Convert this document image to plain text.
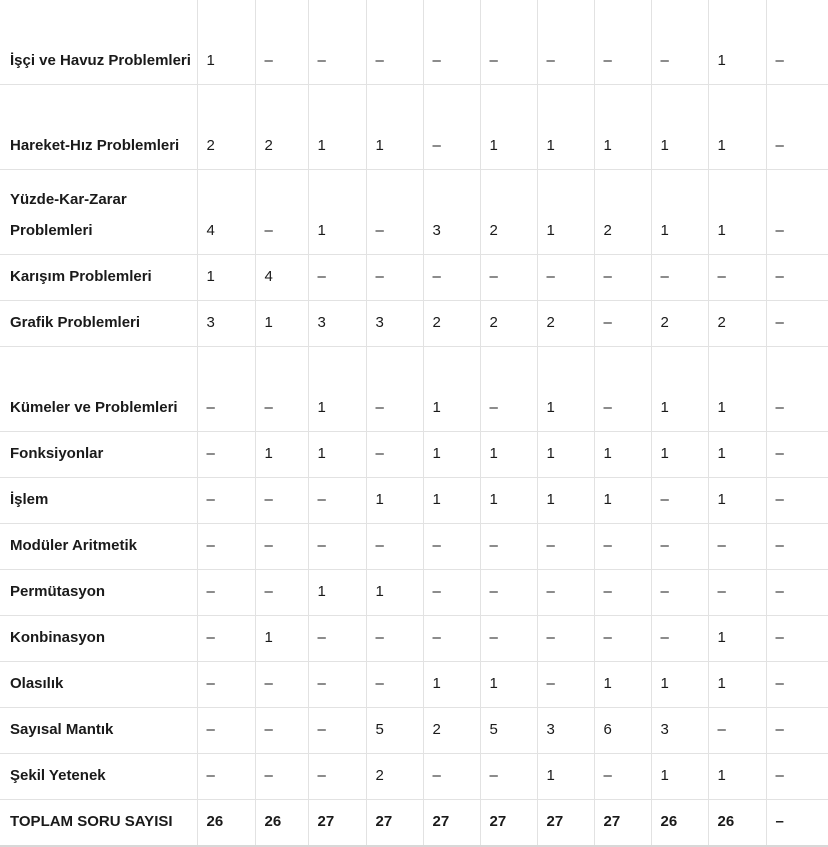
İşçi ve Havuz Problemleri	1	–	–	–	–	–	–	–	–	1	–
Hareket-Hız Problemleri	2	2	1	1	–	1	1	1	1	1	–
Yüzde-Kar-Zarar Problemleri	4	–	1	–	3	2	1	2	1	1	–
Karışım Problemleri	1	4	–	–	–	–	–	–	–	–	–
Grafik Problemleri	3	1	3	3	2	2	2	–	2	2	–
Kümeler ve Problemleri	–	–	1	–	1	–	1	–	1	1	–
Fonksiyonlar	–	1	1	–	1	1	1	1	1	1	–
İşlem	–	–	–	1	1	1	1	1	–	1	–
Modüler Aritmetik	–	–	–	–	–	–	–	–	–	–	–
Permütasyon	–	–	1	1	–	–	–	–	–	–	–
Konbinasyon	–	1	–	–	–	–	–	–	–	1	–
Olasılık	–	–	–	–	1	1	–	1	1	1	–
Sayısal Mantık	–	–	–	5	2	5	3	6	3	–	–
Şekil Yetenek	–	–	–	2	–	–	1	–	1	1	–
TOPLAM SORU SAYISI	26	26	27	27	27	27	27	27	26	26	–
